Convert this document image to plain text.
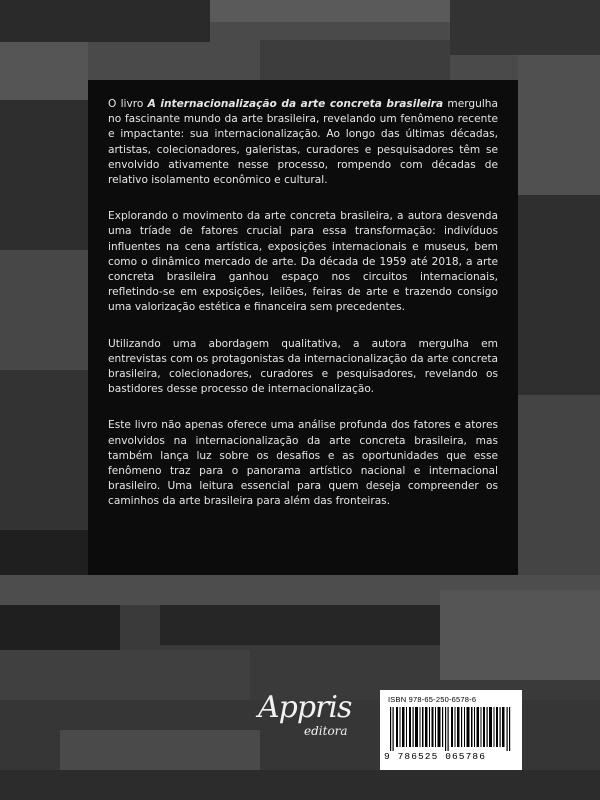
O livro A internacionalização da arte concreta brasileira mergulha no fascinante mundo da arte brasileira, revelando um fenômeno recente e impactante: sua internacionalização. Ao longo das últimas décadas, artistas, colecionadores, galeristas, curadores e pesquisadores têm se envolvido ativamente nesse processo, rompendo com décadas de relativo isolamento econômico e cultural.

Explorando o movimento da arte concreta brasileira, a autora desvenda uma tríade de fatores crucial para essa transformação: indivíduos influentes na cena artística, exposições internacionais e museus, bem como o dinâmico mercado de arte. Da década de 1959 até 2018, a arte concreta brasileira ganhou espaço nos circuitos internacionais, refletindo-se em exposições, leilões, feiras de arte e trazendo consigo uma valorização estética e financeira sem precedentes.

Utilizando uma abordagem qualitativa, a autora mergulha em entrevistas com os protagonistas da internacionalização da arte concreta brasileira, colecionadores, curadores e pesquisadores, revelando os bastidores desse processo de internacionalização.

Este livro não apenas oferece uma análise profunda dos fatores e atores envolvidos na internacionalização da arte concreta brasileira, mas também lança luz sobre os desafios e as oportunidades que esse fenômeno traz para o panorama artístico nacional e internacional brasileiro. Uma leitura essencial para quem deseja compreender os caminhos da arte brasileira para além das fronteiras.

Appris
editora
ISBN 978-65-250-6578-6
9 786525 065786
